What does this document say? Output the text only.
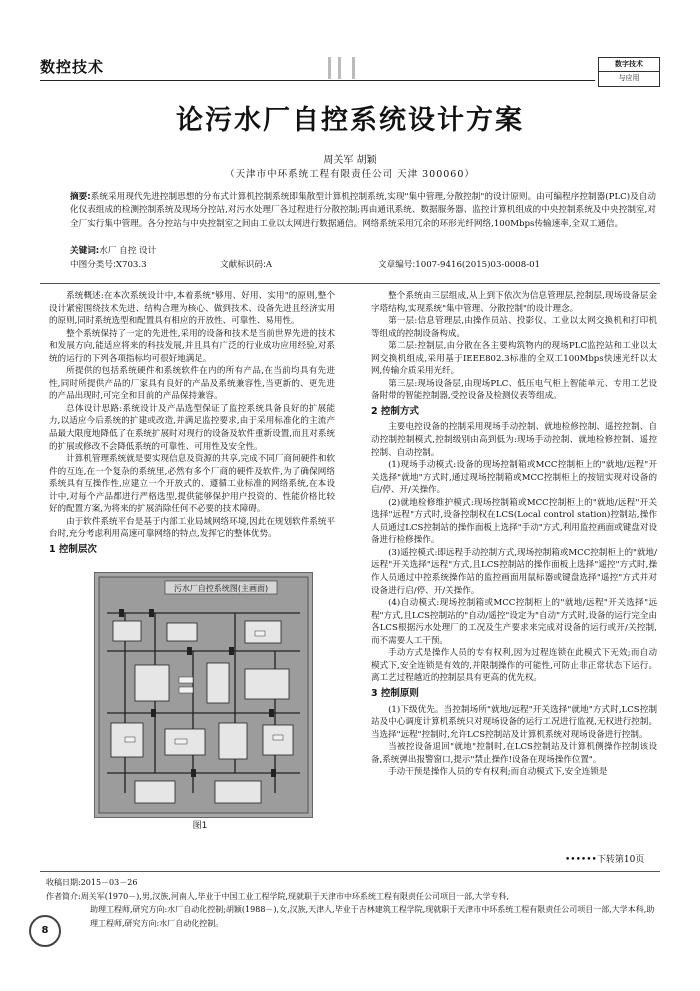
数控技术	数字技术
与应用
论污水厂自控系统设计方案
周关军 胡颖
（天津市中环系统工程有限责任公司 天津 300060）
摘要:系统采用现代先进控制思想的分布式计算机控制系统即集散型计算机控制系统,实现"集中管理,分散控制"的设计原则。由可编程序控制器(PLC)及自动化仪表组成的检测控制系统及现场分控站,对污水处理厂各过程进行分散控制;再由通讯系统、数据服务器、监控计算机组成的中央控制系统及中央控制室,对全厂实行集中管理。各分控站与中央控制室之间由工业以太网进行数据通信。网络系统采用冗余的环形光纤网络,100Mbps传输速率,全双工通信。
关键词:水厂 自控 设计
中图分类号:X703.3	文献标识码:A	文章编号:1007-9416(2015)03-0008-01

系统概述:在本次系统设计中,本着系统"够用、好用、实用"的原则,整个设计紧密围绕技术先进、结构合理为核心、做到技术、设备先进且经济实用的原则,同时系统选型和配置具有相应的开放性、可靠性、易用性。

整个系统保持了一定的先进性,采用的设备和技术是当前世界先进的技术和发展方向,能适应将来的科技发展,并且具有广泛的行业成功应用经验,对系统的运行的下列各项指标均可很好地满足。

所提供的包括系统硬件和系统软件在内的所有产品,在当前均具有先进性,同时所提供产品的厂家具有良好的产品及系统兼容性,当更新的、更先进的产品出现时,可完全和目前的产品保持兼容。

总体设计思路:系统设计及产品选型保证了监控系统具备良好的扩展能力,以适应今后系统的扩建或改造,并满足监控要求,由于采用标准化的主流产品最大限度地降低了在系统扩展时对现行的设备及软件重新设置,而且对系统的扩展或修改不会降低系统的可靠性、可用性及安全性。

计算机管理系统就是要实现信息及资源的共享,完成不同厂商间硬件和软件的互连,在一个复杂的系统里,必然有多个厂商的硬件及软件,为了确保网络系统具有互操作性,应建立一个开放式的、遵循工业标准的网络系统,在本设计中,对每个产品都进行严格选型,提供能够保护用户投资的、性能价格比较好的配置方案,为将来的扩展消除任何不必要的技术障碍。

由于软件系统平台是基于内部工业局域网络环境,因此在规划软件系统平台时,充分考虑利用高速可靠网络的特点,发挥它的整体优势。

1 控制层次
污水厂自控系统图(主画面)
图1

整个系统由三层组成,从上到下依次为信息管理层,控制层,现场设备层金字塔结构,实现系统"集中管理、分散控制"的设计理念。

第一层:信息管理层,由操作员站、投影仪、工业以太网交换机和打印机等组成的控制设备构成。

第二层:控制层,由分散在各主要构筑物内的现场PLC监控站和工业以太网交换机组成,采用基于IEEE802.3标准的全双工100Mbps快速光纤以太网,传输介质采用光纤。

第三层:现场设备层,由现场PLC、低压电气柜上智能单元、专用工艺设备附带的智能控制器,受控设备及检测仪表等组成。

2 控制方式

主要电控设备的控制采用现场手动控制、就地检修控制、遥控控制、自动控制控制模式,控制级别由高到低为:现场手动控制、就地检修控制、遥控控制、自动控制。

(1)现场手动模式:设备的现场控制箱或MCC控制柜上的"就地/远程"开关选择"就地"方式时,通过现场控制箱或MCC控制柜上的按钮实现对设备的启/停、开/关操作。

(2)就地检修维护模式:现场控制箱或MCC控制柜上的"就地/远程"开关选择"远程"方式时,设备控制权在LCS(Local control station)控制站,操作人员通过LCS控制站的操作面板上选择"手动"方式,利用监控画面或键盘对设备进行检修操作。

(3)遥控模式:即远程手动控制方式,现场控制箱或MCC控制柜上的"就地/远程"开关选择"远程"方式,且LCS控制站的操作面板上选择"遥控"方式时,操作人员通过中控系统操作站的监控画面用鼠标器或键盘选择"遥控"方式并对设备进行启/停、开/关操作。

(4)自动模式:现场控制箱或MCC控制柜上的"就地/远程"开关选择"远程"方式,且LCS控制站的"自动/遥控"设定为"自动"方式时,设备的运行完全由各LCS根据污水处理厂的工况及生产要求来完成对设备的运行或开/关控制,而不需要人工干预。

手动方式是操作人员的专有权利,因为过程连锁在此模式下无效;而自动模式下,安全连锁是有效的,并限制操作的可能性,可防止非正常状态下运行。离工艺过程越近的控制层具有更高的优先权。

3 控制原则

(1)下级优先。当控制场所"就地/远程"开关选择"就地"方式时,LCS控制站及中心调度计算机系统只对现场设备的运行工况进行监视,无权进行控制。当选择"远程"控制时,允许LCS控制站及计算机系统对现场设备进行控制。

当被控设备退回"就地"控制时,在LCS控制站及计算机侧操作控制该设备,系统弹出报警窗口,提示"禁止操作!设备在现场操作位置"。

手动干预是操作人员的专有权利;而自动模式下,安全连锁是

••••••下转第10页

收稿日期:2015－03－26

作者简介:周关军(1970－),男,汉族,河南人,毕业于中国工业工程学院,现就职于天津市中环系统工程有限责任公司项目一部,大学专科,

助理工程师,研究方向:水厂自动化控制;胡颖(1988－),女,汉族,天津人,毕业于吉林建筑工程学院,现就职于天津市中环系统工程有限责任公司项目一部,大学本科,助理工程师,研究方向:水厂自动化控制。

8
